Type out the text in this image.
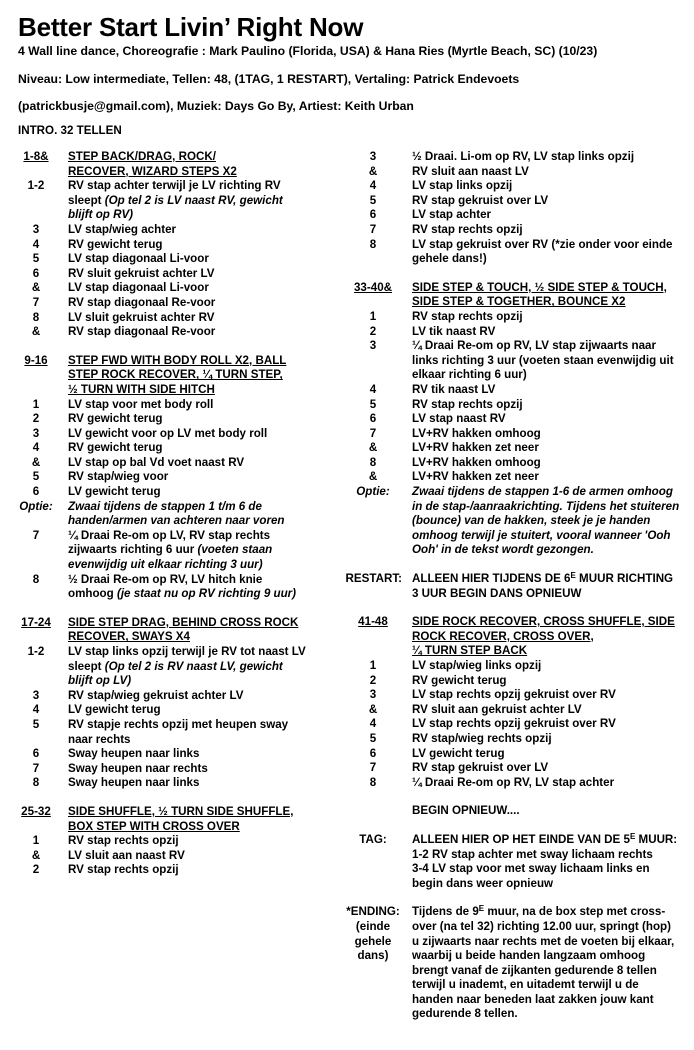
Better Start Livin’ Right Now
4 Wall line dance, Choreografie : Mark Paulino (Florida, USA) & Hana Ries (Myrtle Beach, SC) (10/23)
Niveau: Low intermediate, Tellen: 48, (1TAG, 1 RESTART), Vertaling: Patrick Endevoets
(patrickbusje@gmail.com), Muziek: Days Go By, Artiest: Keith Urban
INTRO. 32 TELLEN
1-8&	STEP BACK/DRAG, ROCK/
RECOVER, WIZARD STEPS X2
1-2	RV stap achter terwijl je LV richting RV
sleept (Op tel 2 is LV naast RV, gewicht
blijft op RV)
3	LV stap/wieg achter
4	RV gewicht terug
5	LV stap diagonaal Li-voor
6	RV sluit gekruist achter LV
&	LV stap diagonaal Li-voor
7	RV stap diagonaal Re-voor
8	LV sluit gekruist achter RV
&	RV stap diagonaal Re-voor
9-16	STEP FWD WITH BODY ROLL X2, BALL
STEP ROCK RECOVER, ¼ TURN STEP,
½ TURN WITH SIDE HITCH
1	LV stap voor met body roll
2	RV gewicht terug
3	LV gewicht voor op LV met body roll
4	RV gewicht terug
&	LV stap op bal Vd voet naast RV
5	RV stap/wieg voor
6	LV gewicht terug
Optie:	Zwaai tijdens de stappen 1 t/m 6 de
handen/armen van achteren naar voren
7	¼ Draai Re-om op LV, RV stap rechts
zijwaarts richting 6 uur (voeten staan
evenwijdig uit elkaar richting 3 uur)
8	½ Draai Re-om op RV, LV hitch knie
omhoog (je staat nu op RV richting 9 uur)
17-24	SIDE STEP DRAG, BEHIND CROSS ROCK
RECOVER, SWAYS X4
1-2	LV stap links opzij terwijl je RV tot naast LV
sleept (Op tel 2 is RV naast LV, gewicht
blijft op LV)
3	RV stap/wieg gekruist achter LV
4	LV gewicht terug
5	RV stapje rechts opzij met heupen sway
naar rechts
6	Sway heupen naar links
7	Sway heupen naar rechts
8	Sway heupen naar links
25-32	SIDE SHUFFLE, ½ TURN SIDE SHUFFLE,
BOX STEP WITH CROSS OVER
1	RV stap rechts opzij
&	LV sluit aan naast RV
2	RV stap rechts opzij
3	½ Draai. Li-om op RV, LV stap links opzij
&	RV sluit aan naast LV
4	LV stap links opzij
5	RV stap gekruist over LV
6	LV stap achter
7	RV stap rechts opzij
8	LV stap gekruist over RV (*zie onder voor einde
gehele dans!)
33-40&	SIDE STEP & TOUCH, ½ SIDE STEP & TOUCH,
SIDE STEP & TOGETHER, BOUNCE X2
1	RV stap rechts opzij
2	LV tik naast RV
3	¼ Draai Re-om op RV, LV stap zijwaarts naar
links richting 3 uur (voeten staan evenwijdig uit
elkaar richting 6 uur)
4	RV tik naast LV
5	RV stap rechts opzij
6	LV stap naast RV
7	LV+RV hakken omhoog
&	LV+RV hakken zet neer
8	LV+RV hakken omhoog
&	LV+RV hakken zet neer
Optie:	Zwaai tijdens de stappen 1-6 de armen omhoog
in de stap-/aanraakrichting. Tijdens het stuiteren
(bounce) van de hakken, steek je je handen
omhoog terwijl je stuitert, vooral wanneer 'Ooh
Ooh' in de tekst wordt gezongen.
RESTART: ALLEEN HIER TIJDENS DE $6^E$ MUUR RICHTING
3 UUR BEGIN DANS OPNIEUW
41-48	SIDE ROCK RECOVER, CROSS SHUFFLE, SIDE
ROCK RECOVER, CROSS OVER,
¼ TURN STEP BACK
1	LV stap/wieg links opzij
2	RV gewicht terug
3	LV stap rechts opzij gekruist over RV
&	RV sluit aan gekruist achter LV
4	LV stap rechts opzij gekruist over RV
5	RV stap/wieg rechts opzij
6	LV gewicht terug
7	RV stap gekruist over LV
8	¼ Draai Re-om op RV, LV stap achter
BEGIN OPNIEUW....
TAG:	ALLEEN HIER OP HET EINDE VAN DE $5^E$ MUUR:
1-2 RV stap achter met sway lichaam rechts
3-4 LV stap voor met sway lichaam links en
begin dans weer opnieuw
*ENDING:	Tijdens de $9^E$ muur, na de box step met cross-
(einde	over (na tel 32) richting 12.00 uur, springt (hop)
gehele	u zijwaarts naar rechts met de voeten bij elkaar,
dans)	waarbij u beide handen langzaam omhoog
brengt vanaf de zijkanten gedurende 8 tellen
terwijl u inademt, en uitademt terwijl u de
handen naar beneden laat zakken jouw kant
gedurende 8 tellen.
